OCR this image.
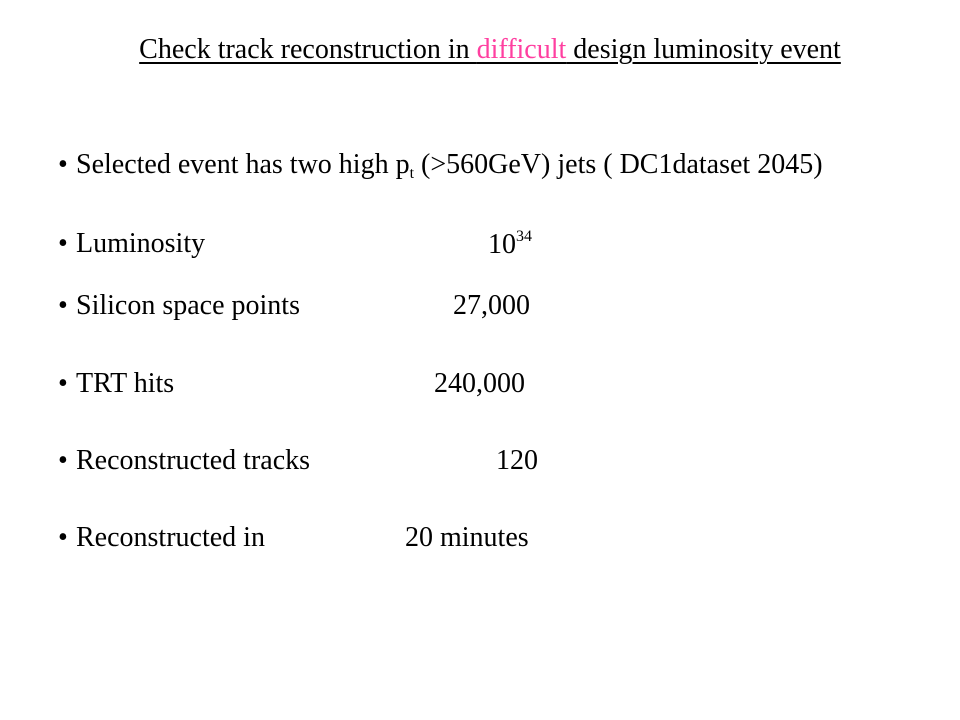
Check track reconstruction in difficult design luminosity event
• Selected event has two high $p_t$ (>560GeV) jets ( DC1dataset 2045)
• Luminosity	$10^{34}$
• Silicon space points	27,000
• TRT hits	240,000
• Reconstructed tracks	120
• Reconstructed in	20 minutes
